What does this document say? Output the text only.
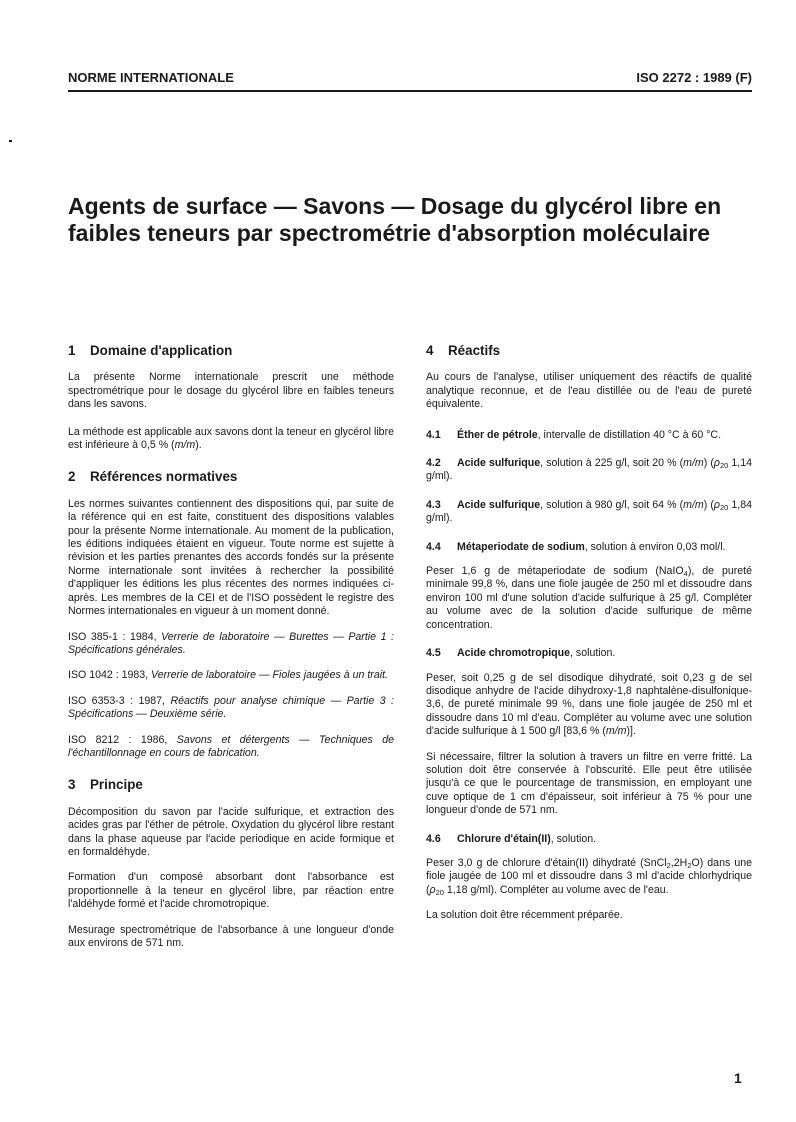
NORME INTERNATIONALE	ISO 2272 : 1989 (F)
Agents de surface — Savons — Dosage du glycérol libre en faibles teneurs par spectrométrie d'absorption moléculaire
1 Domaine d'application

La présente Norme internationale prescrit une méthode spectrométrique pour le dosage du glycérol libre en faibles teneurs dans les savons.

La méthode est applicable aux savons dont la teneur en glycérol libre est inférieure à 0,5 % (m/m).

2 Références normatives

Les normes suivantes contiennent des dispositions qui, par suite de la référence qui en est faite, constituent des dispositions valables pour la présente Norme internationale. Au moment de la publication, les éditions indiquées étaient en vigueur. Toute norme est sujette à révision et les parties prenantes des accords fondés sur la présente Norme internationale sont invitées à rechercher la possibilité d'appliquer les éditions les plus récentes des normes indiquées ci-après. Les membres de la CEI et de l'ISO possèdent le registre des Normes internationales en vigueur à un moment donné.

ISO 385-1 : 1984, Verrerie de laboratoire — Burettes — Partie 1 : Spécifications générales.

ISO 1042 : 1983, Verrerie de laboratoire — Fioles jaugées à un trait.

ISO 6353-3 : 1987, Réactifs pour analyse chimique — Partie 3 : Spécifications — Deuxième série.

ISO 8212 : 1986, Savons et détergents — Techniques de l'échantillonnage en cours de fabrication.

3 Principe

Décomposition du savon par l'acide sulfurique, et extraction des acides gras par l'éther de pétrole. Oxydation du glycérol libre restant dans la phase aqueuse par l'acide periodique en acide formique et en formaldéhyde.

Formation d'un composé absorbant dont l'absorbance est proportionnelle à la teneur en glycérol libre, par réaction entre l'aldéhyde formé et l'acide chromotropique.

Mesurage spectrométrique de l'absorbance à une longueur d'onde aux environs de 571 nm.

4 Réactifs

Au cours de l'analyse, utiliser uniquement des réactifs de qualité analytique reconnue, et de l'eau distillée ou de l'eau de pureté équivalente.

4.1 Éther de pétrole, intervalle de distillation 40 °C à 60 °C.

4.2 Acide sulfurique, solution à 225 g/l, soit 20 % (m/m) ($\rho_{20}$ 1,14 g/ml).

4.3 Acide sulfurique, solution à 980 g/l, soit 64 % (m/m) ($\rho_{20}$ 1,84 g/ml).

4.4 Métaperiodate de sodium, solution à environ 0,03 mol/l.

Peser 1,6 g de métaperiodate de sodium (NaIO$_4$), de pureté minimale 99,8 %, dans une fiole jaugée de 250 ml et dissoudre dans environ 100 ml d'une solution d'acide sulfurique à 25 g/l. Compléter au volume avec de la solution d'acide sulfurique de même concentration.

4.5 Acide chromotropique, solution.

Peser, soit 0,25 g de sel disodique dihydraté, soit 0,23 g de sel disodique anhydre de l'acide dihydroxy-1,8 naphtalène-disulfonique-3,6, de pureté minimale 99 %, dans une fiole jaugée de 250 ml et dissoudre dans 10 ml d'eau. Compléter au volume avec une solution d'acide sulfurique à 1 500 g/l [83,6 % (m/m)].

Si nécessaire, filtrer la solution à travers un filtre en verre fritté. La solution doit être conservée à l'obscurité. Elle peut être utilisée jusqu'à ce que le pourcentage de transmission, en employant une cuve optique de 1 cm d'épaisseur, soit inférieur à 75 % pour une longueur d'onde de 571 nm.

4.6 Chlorure d'étain(II), solution.

Peser 3,0 g de chlorure d'étain(II) dihydraté $(SnCl_2,2H_2O)$ dans une fiole jaugée de 100 ml et dissoudre dans 3 ml d'acide chlorhydrique ($\rho_{20}$ 1,18 g/ml). Compléter au volume avec de l'eau.

La solution doit être récemment préparée.

1
